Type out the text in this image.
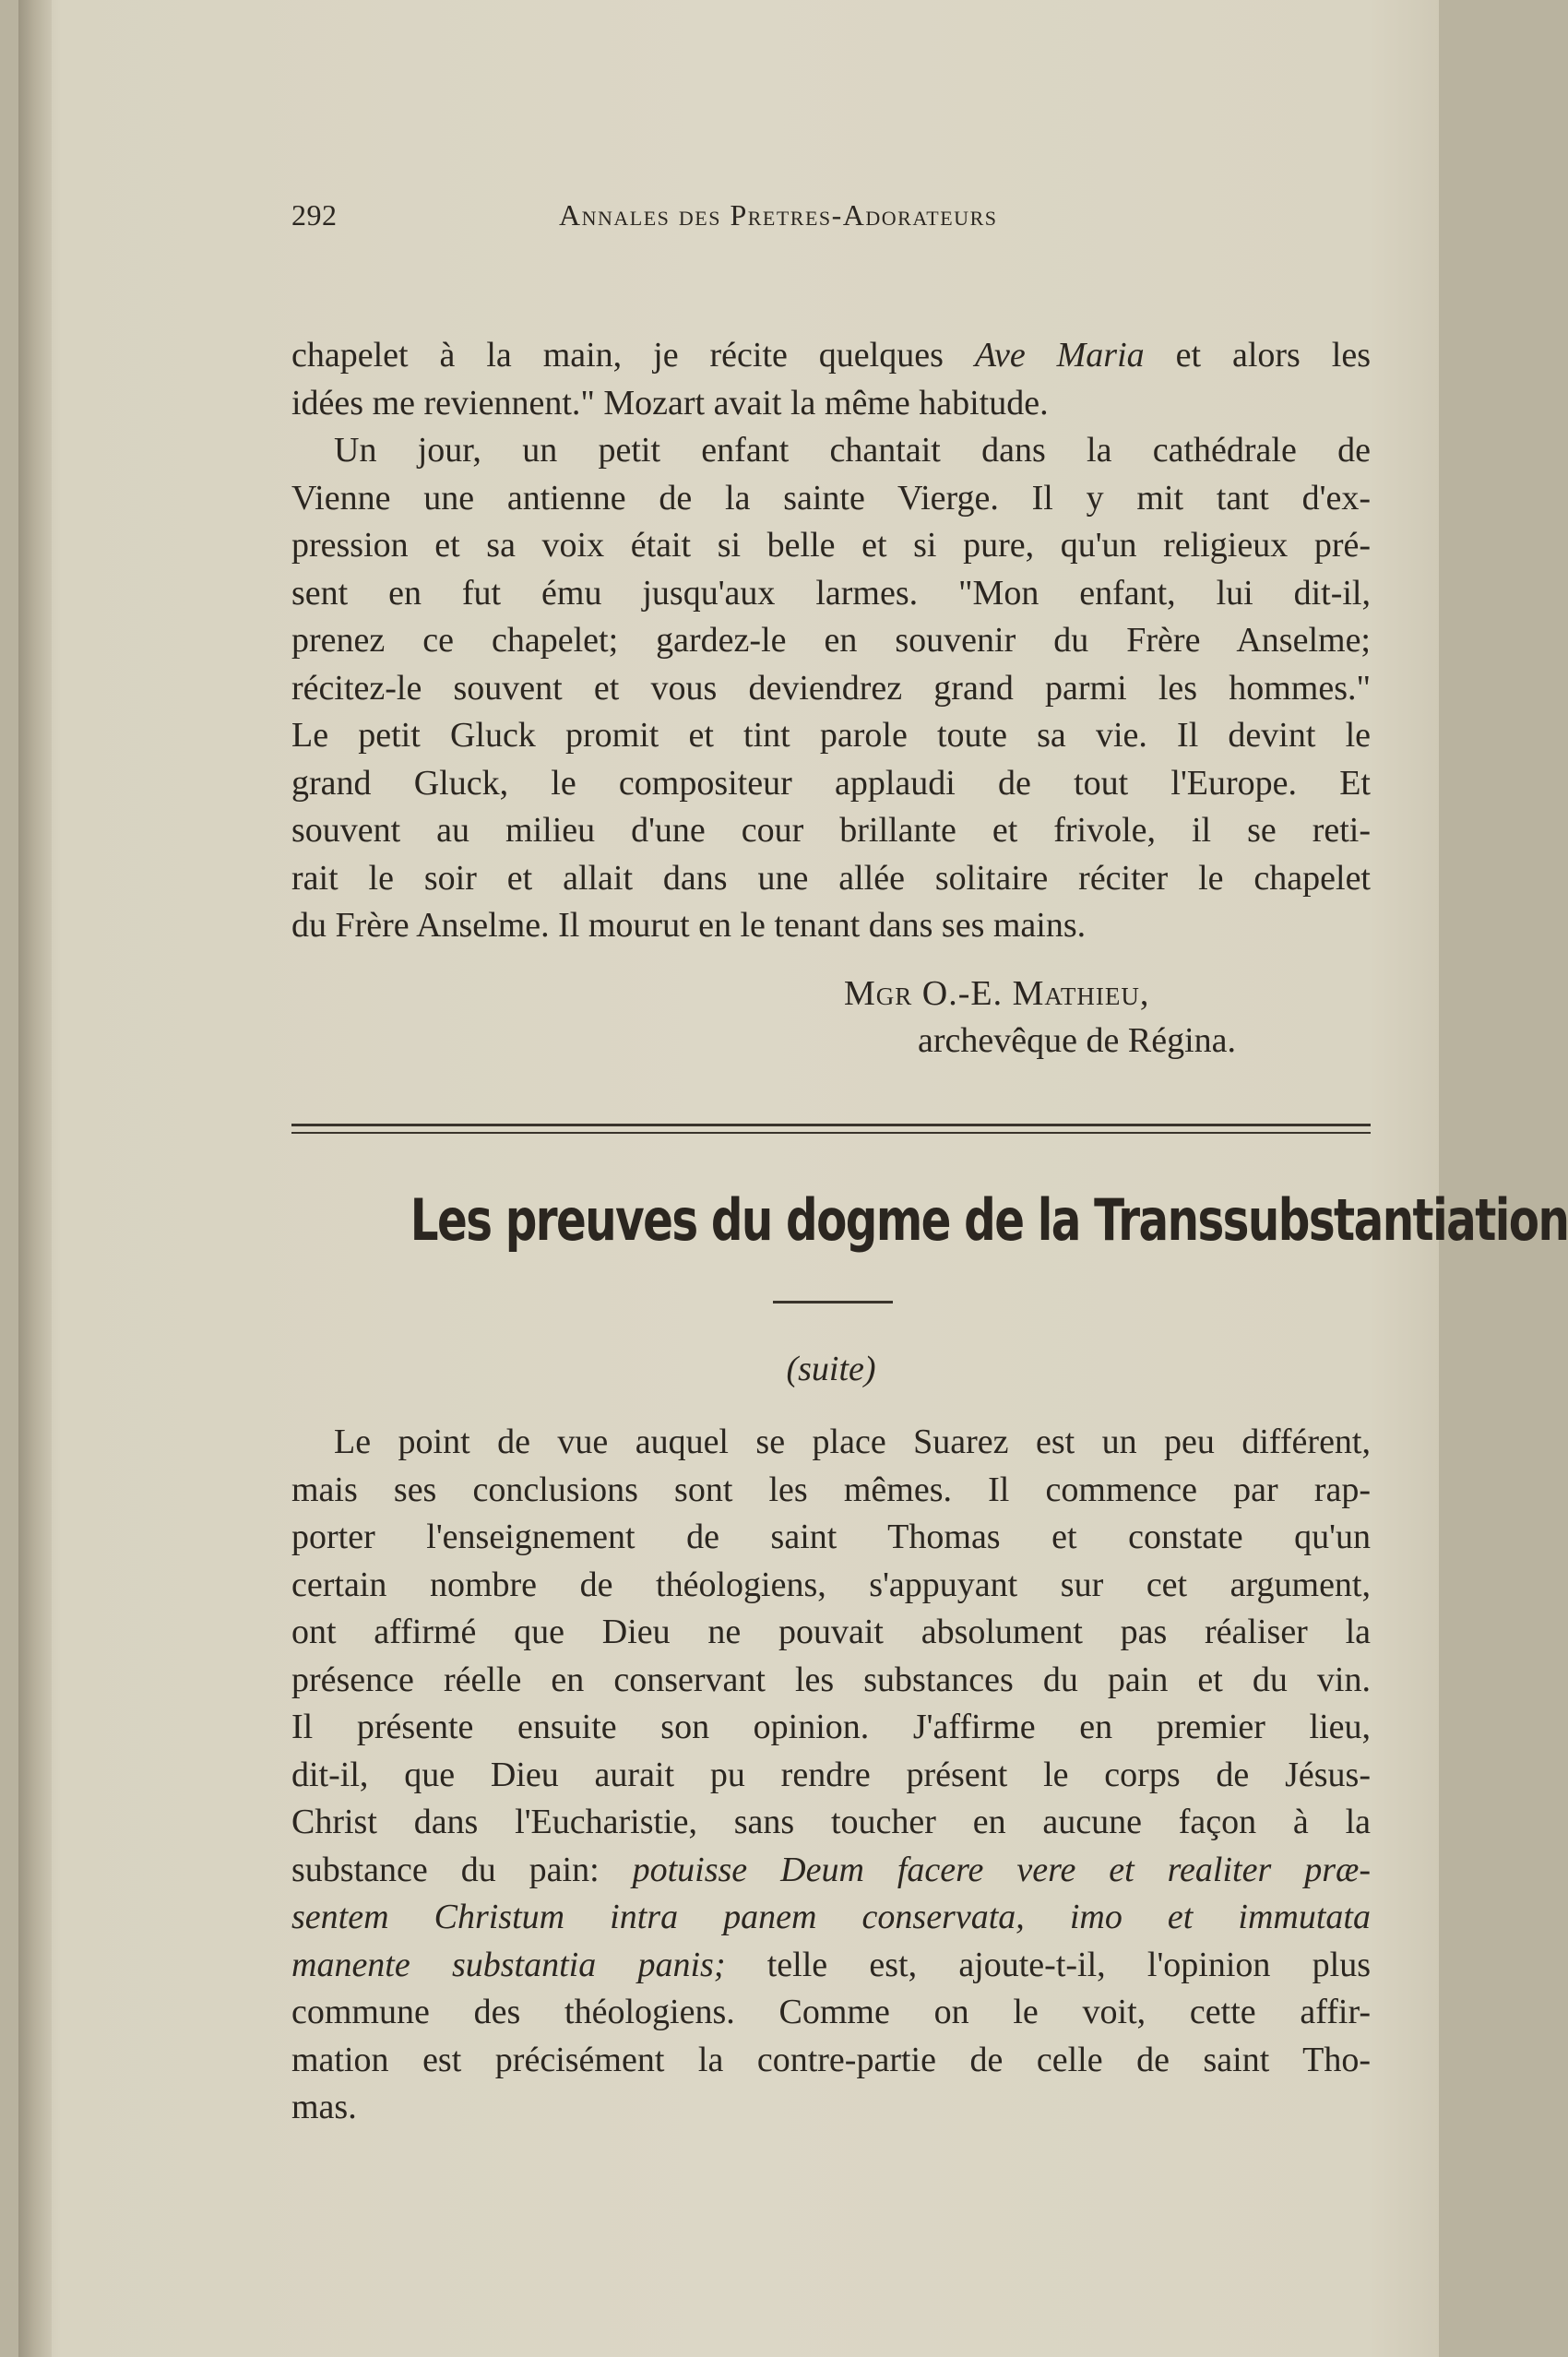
292	Annales des Pretres-Adorateurs
chapelet à la main, je récite quelques Ave Maria et alors les
idées me reviennent." Mozart avait la même habitude.
Un jour, un petit enfant chantait dans la cathédrale de
Vienne une antienne de la sainte Vierge. Il y mit tant d'ex-
pression et sa voix était si belle et si pure, qu'un religieux pré-
sent en fut ému jusqu'aux larmes. "Mon enfant, lui dit-il,
prenez ce chapelet; gardez-le en souvenir du Frère Anselme;
récitez-le souvent et vous deviendrez grand parmi les hommes."
Le petit Gluck promit et tint parole toute sa vie. Il devint le
grand Gluck, le compositeur applaudi de tout l'Europe. Et
souvent au milieu d'une cour brillante et frivole, il se reti-
rait le soir et allait dans une allée solitaire réciter le chapelet
du Frère Anselme. Il mourut en le tenant dans ses mains.
Mgr O.-E. Mathieu,
archevêque de Régina.
Les preuves du dogme de la Transsubstantiation
(suite)
Le point de vue auquel se place Suarez est un peu différent,
mais ses conclusions sont les mêmes. Il commence par rap-
porter l'enseignement de saint Thomas et constate qu'un
certain nombre de théologiens, s'appuyant sur cet argument,
ont affirmé que Dieu ne pouvait absolument pas réaliser la
présence réelle en conservant les substances du pain et du vin.
Il présente ensuite son opinion. J'affirme en premier lieu,
dit-il, que Dieu aurait pu rendre présent le corps de Jésus-
Christ dans l'Eucharistie, sans toucher en aucune façon à la
substance du pain: potuisse Deum facere vere et realiter præ-
sentem Christum intra panem conservata, imo et immutata
manente substantia panis; telle est, ajoute-t-il, l'opinion plus
commune des théologiens. Comme on le voit, cette affir-
mation est précisément la contre-partie de celle de saint Tho-
mas.
